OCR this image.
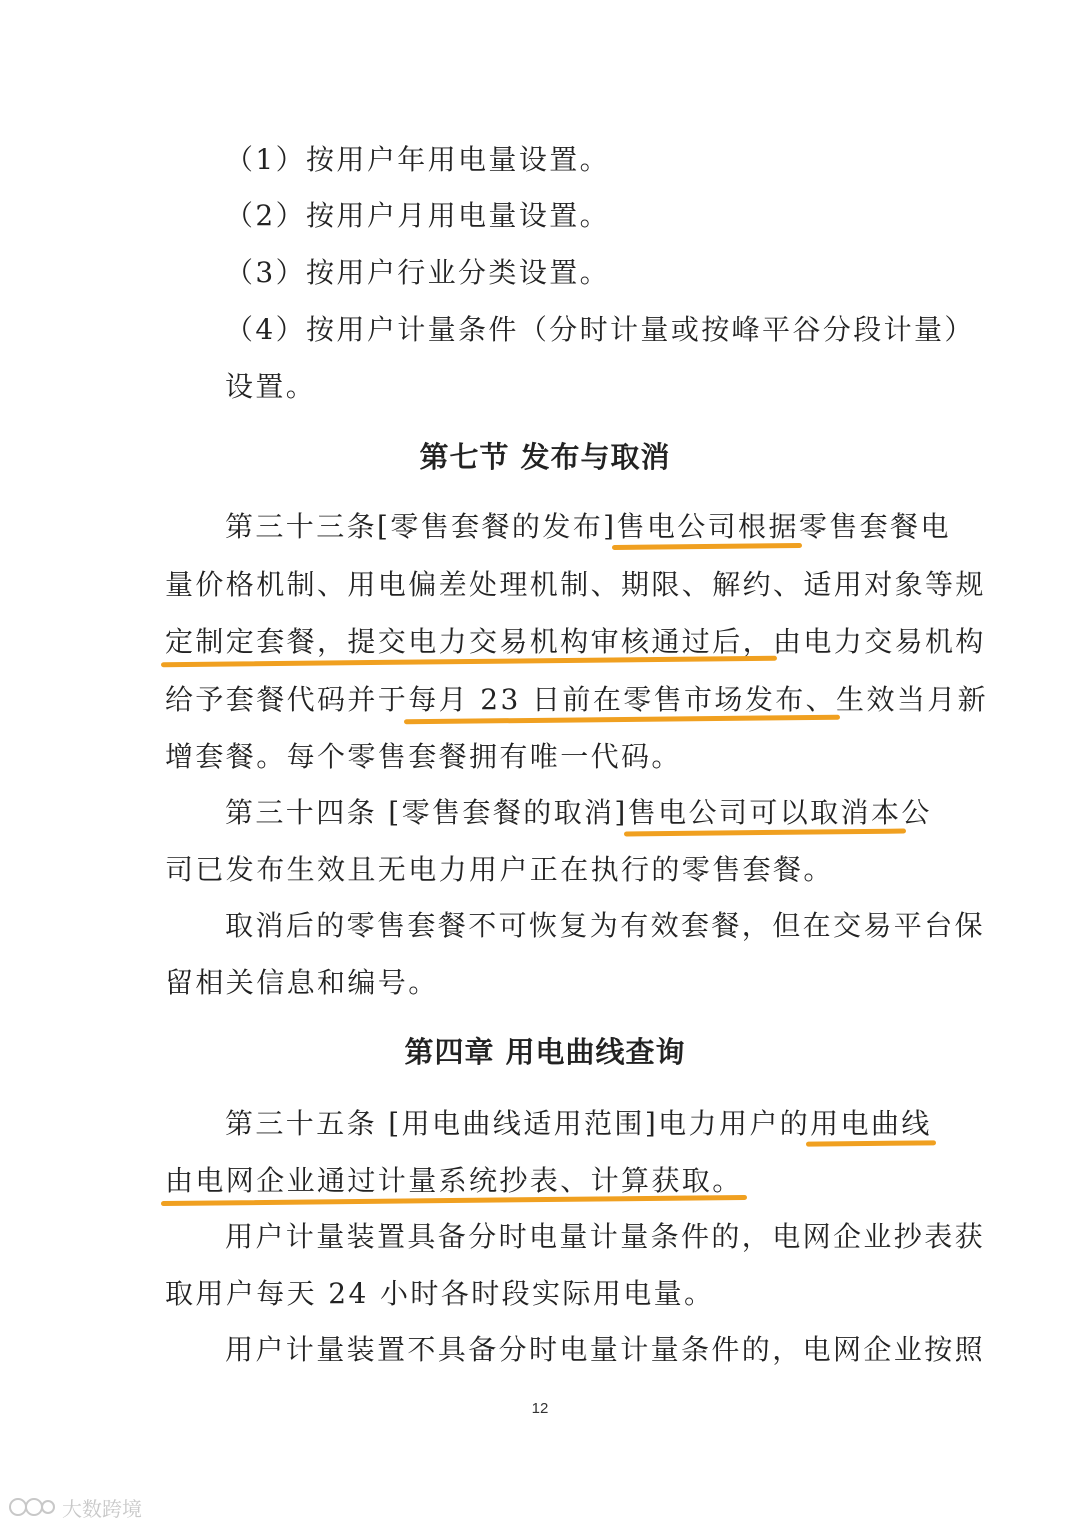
（1）按用户年用电量设置。
（2）按用户月用电量设置。
（3）按用户行业分类设置。
（4）按用户计量条件（分时计量或按峰平谷分段计量）
设置。
第七节 发布与取消
第三十三条[零售套餐的发布]售电公司根据零售套餐电
量价格机制、用电偏差处理机制、期限、解约、适用对象等规
定制定套餐，提交电力交易机构审核通过后，由电力交易机构
给予套餐代码并于每月 23 日前在零售市场发布、生效当月新
增套餐。每个零售套餐拥有唯一代码。
第三十四条 [零售套餐的取消]售电公司可以取消本公
司已发布生效且无电力用户正在执行的零售套餐。
取消后的零售套餐不可恢复为有效套餐，但在交易平台保
留相关信息和编号。
第四章 用电曲线查询
第三十五条 [用电曲线适用范围]电力用户的用电曲线
由电网企业通过计量系统抄表、计算获取。
用户计量装置具备分时电量计量条件的，电网企业抄表获
取用户每天 24 小时各时段实际用电量。
用户计量装置不具备分时电量计量条件的，电网企业按照
12
大数跨境
